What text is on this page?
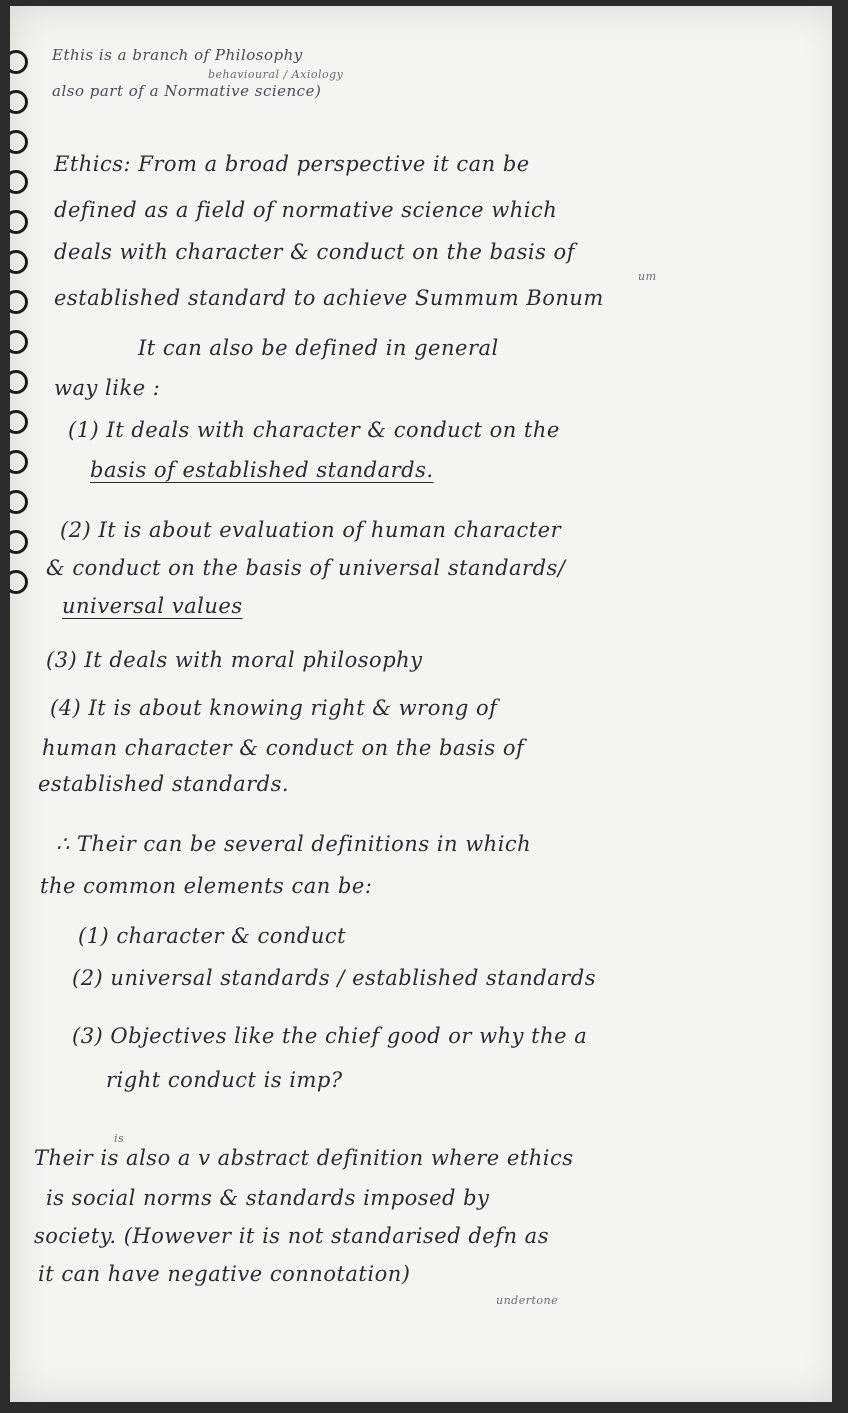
Ethis is a branch of Philosophy
behavioural / Axiology
also part of a Normative science)
Ethics: From a broad perspective it can be
defined as a field of normative science which
deals with character & conduct on the basis of
um
established standard to achieve Summum Bonum
It can also be defined in general
way like :
(1) It deals with character & conduct on the
basis of established standards.
(2) It is about evaluation of human character
& conduct on the basis of universal standards/
universal values
(3) It deals with moral philosophy
(4) It is about knowing right & wrong of
human character & conduct on the basis of
established standards.
∴ Their can be several definitions in which
the common elements can be:
(1) character & conduct
(2) universal standards / established standards
(3) Objectives like the chief good or why the a
right conduct is imp?
is
Their is also a v abstract definition where ethics
is social norms & standards imposed by
society. (However it is not standarised defn as
it can have negative connotation)
undertone
